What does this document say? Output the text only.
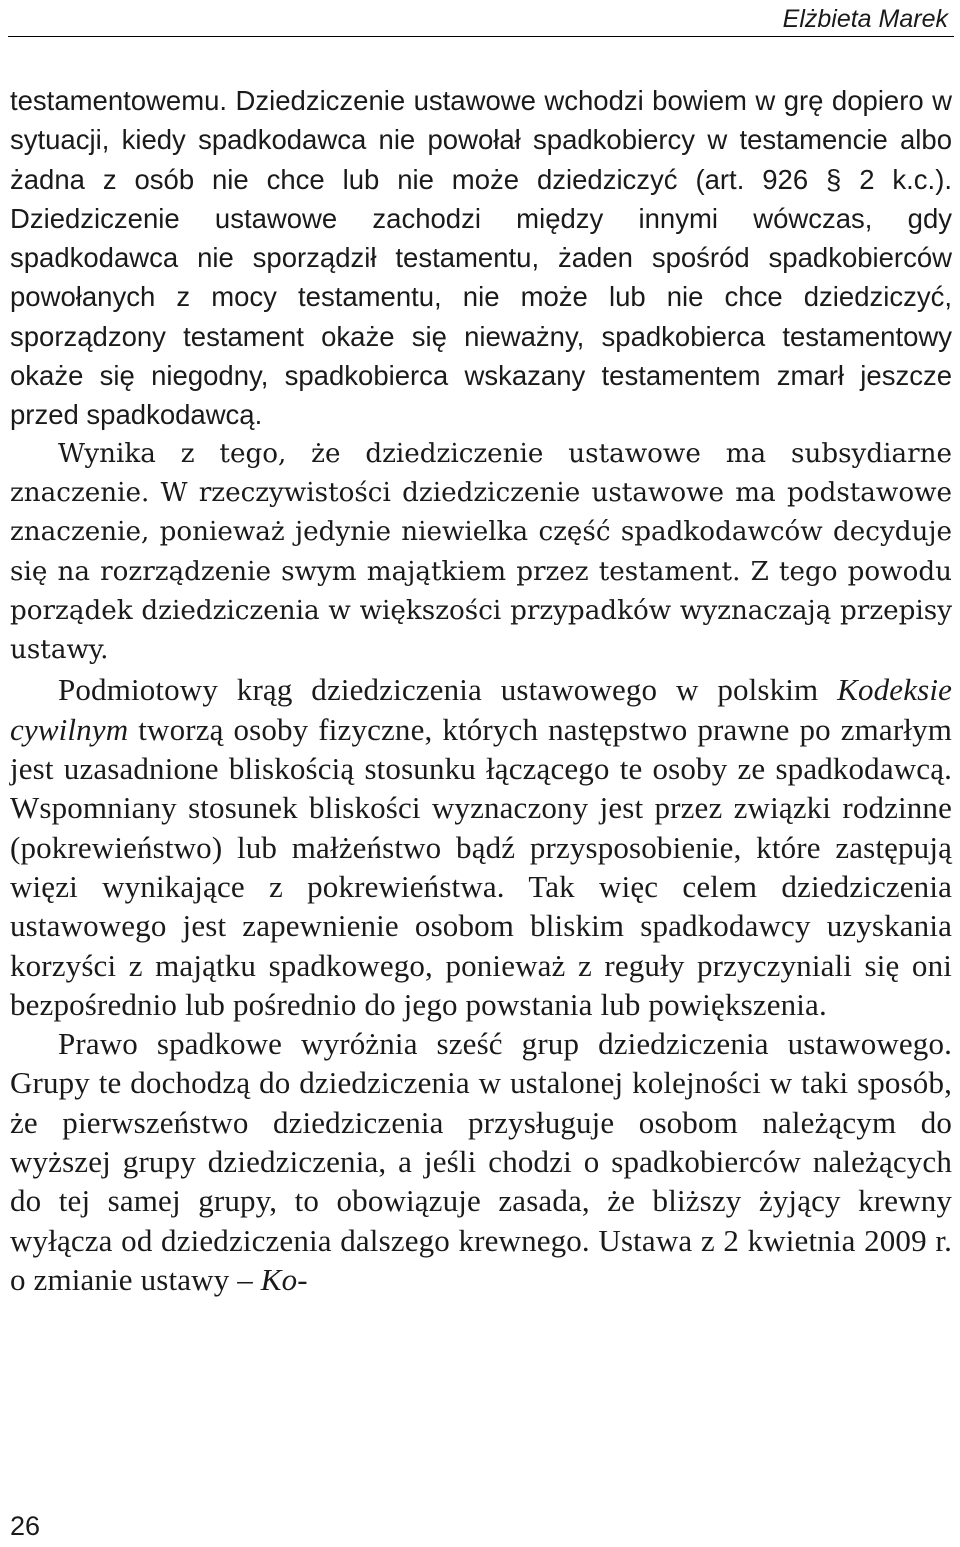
Elżbieta Marek

testamentowemu. Dziedziczenie ustawowe wchodzi bowiem w grę dopiero w sytuacji, kiedy spadkodawca nie powołał spadkobiercy w testamencie albo żadna z osób nie chce lub nie może dziedziczyć (art. 926 § 2 k.c.). Dziedziczenie ustawowe zachodzi między innymi wówczas, gdy spadkodawca nie sporządził testamentu, żaden spośród spadkobierców powołanych z mocy testamentu, nie może lub nie chce dziedziczyć, sporządzony testament okaże się nieważny, spadkobierca testamentowy okaże się niegodny, spadkobierca wskazany testamentem zmarł jeszcze przed spadkodawcą.

Wynika z tego, że dziedziczenie ustawowe ma subsydiarne znaczenie. W rzeczywistości dziedziczenie ustawowe ma podstawowe znaczenie, ponieważ jedynie niewielka część spadkodawców decyduje się na rozrządzenie swym majątkiem przez testament. Z tego powodu porządek dziedziczenia w większości przypadków wyznaczają przepisy ustawy.

Podmiotowy krąg dziedziczenia ustawowego w polskim Kodeksie cywilnym tworzą osoby fizyczne, których następstwo prawne po zmarłym jest uzasadnione bliskością stosunku łączącego te osoby ze spadkodawcą. Wspomniany stosunek bliskości wyznaczony jest przez związki rodzinne (pokrewieństwo) lub małżeństwo bądź przysposobienie, które zastępują więzi wynikające z pokrewieństwa. Tak więc celem dziedziczenia ustawowego jest zapewnienie osobom bliskim spadkodawcy uzyskania korzyści z majątku spadkowego, ponieważ z reguły przyczyniali się oni bezpośrednio lub pośrednio do jego powstania lub powiększenia.

Prawo spadkowe wyróżnia sześć grup dziedziczenia ustawowego. Grupy te dochodzą do dziedziczenia w ustalonej kolejności w taki sposób, że pierwszeństwo dziedziczenia przysługuje osobom należącym do wyższej grupy dziedziczenia, a jeśli chodzi o spadkobierców należących do tej samej grupy, to obowiązuje zasada, że bliższy żyjący krewny wyłącza od dziedziczenia dalszego krewnego. Ustawa z 2 kwietnia 2009 r. o zmianie ustawy – Ko-

26
